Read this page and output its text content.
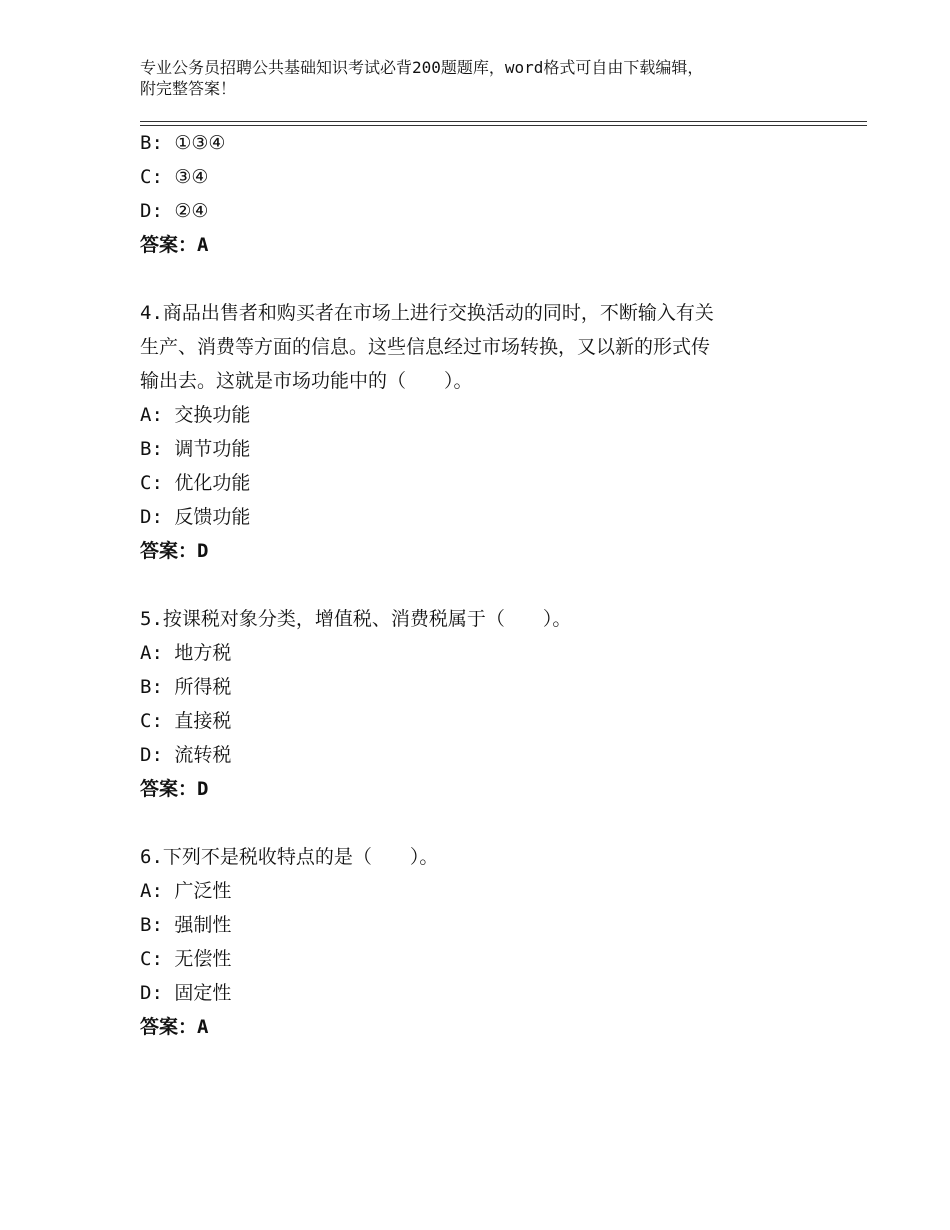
专业公务员招聘公共基础知识考试必背200题题库，word格式可自由下载编辑，
附完整答案！
B: ①③④
C: ③④
D: ②④
答案：A
4.商品出售者和购买者在市场上进行交换活动的同时，不断输入有关
生产、消费等方面的信息。这些信息经过市场转换，又以新的形式传
输出去。这就是市场功能中的（　　）。
A: 交换功能
B: 调节功能
C: 优化功能
D: 反馈功能
答案：D
5.按课税对象分类，增值税、消费税属于（　　）。
A: 地方税
B: 所得税
C: 直接税
D: 流转税
答案：D
6.下列不是税收特点的是（　　）。
A: 广泛性
B: 强制性
C: 无偿性
D: 固定性
答案：A
